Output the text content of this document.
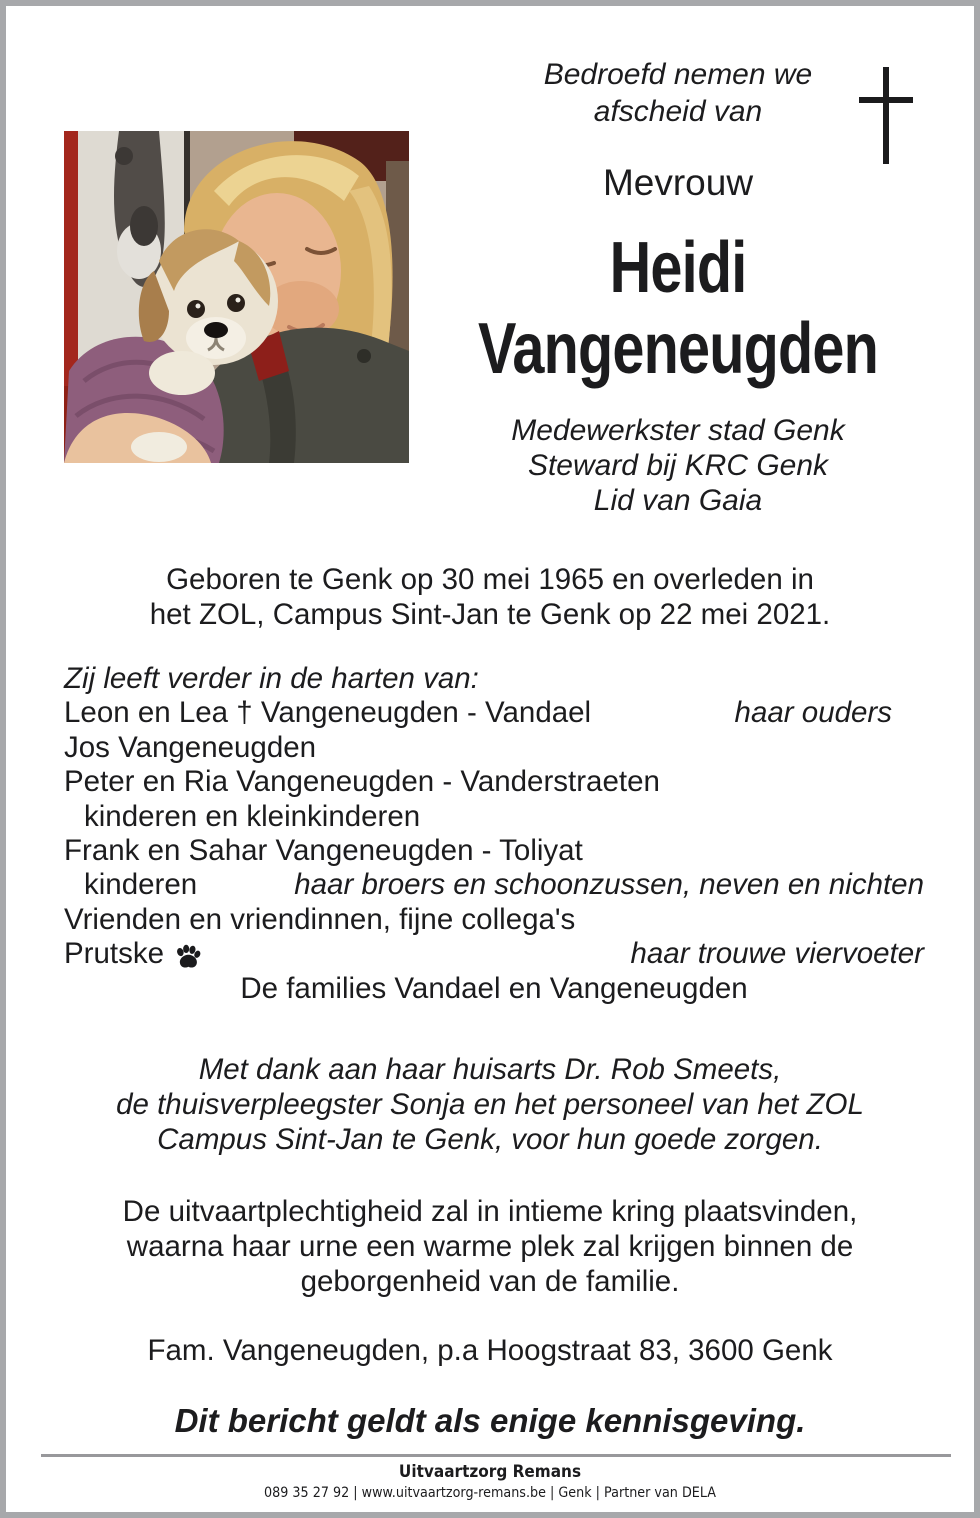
Bedroefd nemen we
afscheid van
Mevrouw
Heidi
Vangeneugden
Medewerkster stad Genk
Steward bij KRC Genk
Lid van Gaia
Geboren te Genk op 30 mei 1965 en overleden in
het ZOL, Campus Sint-Jan te Genk op 22 mei 2021.
Zij leeft verder in de harten van:
Leon en Lea † Vangeneugden - Vandael	haar ouders
Jos Vangeneugden
Peter en Ria Vangeneugden - Vanderstraeten
kinderen en kleinkinderen
Frank en Sahar Vangeneugden - Toliyat
kinderen	haar broers en schoonzussen, neven en nichten
Vrienden en vriendinnen, fijne collega's
Prutske	haar trouwe viervoeter
De families Vandael en Vangeneugden
Met dank aan haar huisarts Dr. Rob Smeets,
de thuisverpleegster Sonja en het personeel van het ZOL
Campus Sint-Jan te Genk, voor hun goede zorgen.
De uitvaartplechtigheid zal in intieme kring plaatsvinden,
waarna haar urne een warme plek zal krijgen binnen de
geborgenheid van de familie.
Fam. Vangeneugden, p.a Hoogstraat 83, 3600 Genk
Dit bericht geldt als enige kennisgeving.
Uitvaartzorg Remans
089 35 27 92 | www.uitvaartzorg-remans.be | Genk | Partner van DELA
